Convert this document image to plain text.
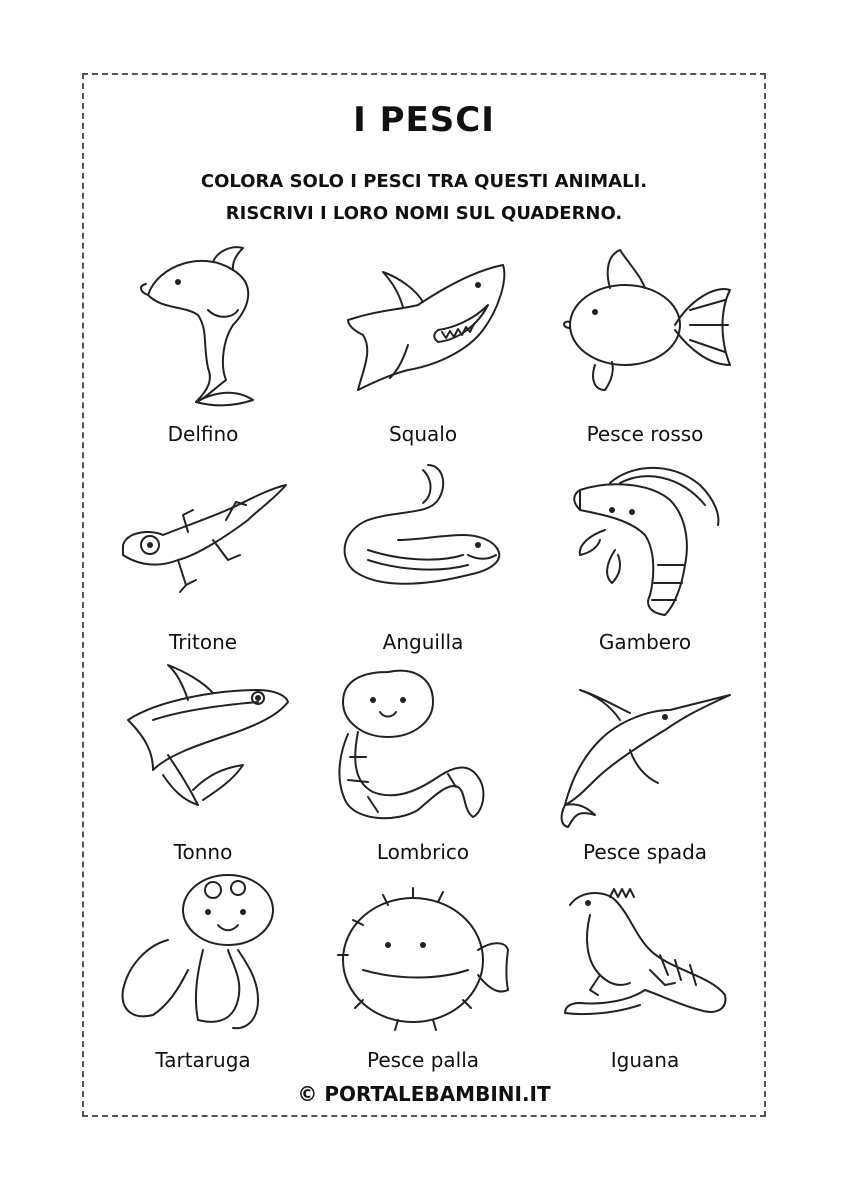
I PESCI
COLORA SOLO I PESCI TRA QUESTI ANIMALI.
RISCRIVI I LORO NOMI SUL QUADERNO.
Delfino	Squalo	Pesce rosso
Tritone	Anguilla	Gambero
Tonno	Lombrico	Pesce spada
Tartaruga	Pesce palla	Iguana
© PORTALEBAMBINI.IT
